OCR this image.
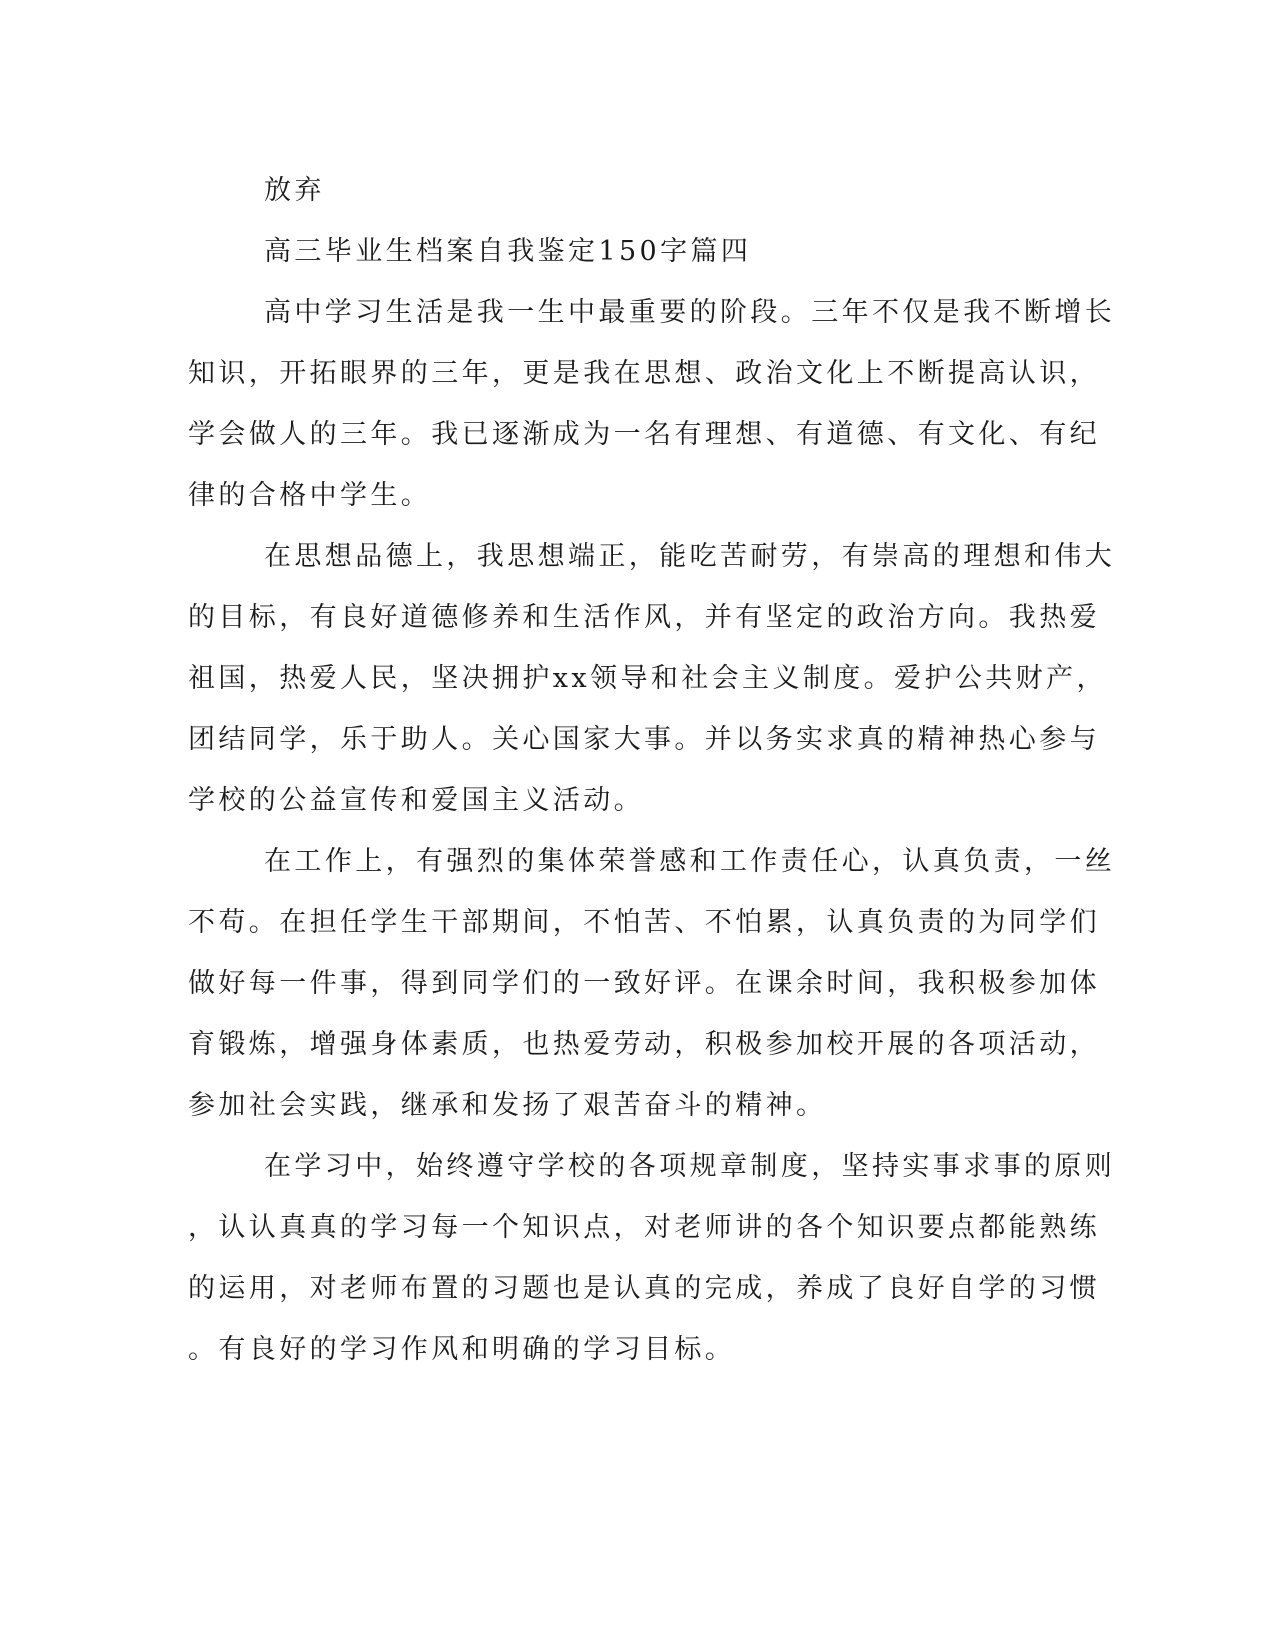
放弃
高三毕业生档案自我鉴定150字篇四
高中学习生活是我一生中最重要的阶段。三年不仅是我不断增长
知识，开拓眼界的三年，更是我在思想、政治文化上不断提高认识，
学会做人的三年。我已逐渐成为一名有理想、有道德、有文化、有纪
律的合格中学生。
在思想品德上，我思想端正，能吃苦耐劳，有崇高的理想和伟大
的目标，有良好道德修养和生活作风，并有坚定的政治方向。我热爱
祖国，热爱人民，坚决拥护xx领导和社会主义制度。爱护公共财产，
团结同学，乐于助人。关心国家大事。并以务实求真的精神热心参与
学校的公益宣传和爱国主义活动。
在工作上，有强烈的集体荣誉感和工作责任心，认真负责，一丝
不苟。在担任学生干部期间，不怕苦、不怕累，认真负责的为同学们
做好每一件事，得到同学们的一致好评。在课余时间，我积极参加体
育锻炼，增强身体素质，也热爱劳动，积极参加校开展的各项活动，
参加社会实践，继承和发扬了艰苦奋斗的精神。
在学习中，始终遵守学校的各项规章制度，坚持实事求事的原则
，认认真真的学习每一个知识点，对老师讲的各个知识要点都能熟练
的运用，对老师布置的习题也是认真的完成，养成了良好自学的习惯
。有良好的学习作风和明确的学习目标。
